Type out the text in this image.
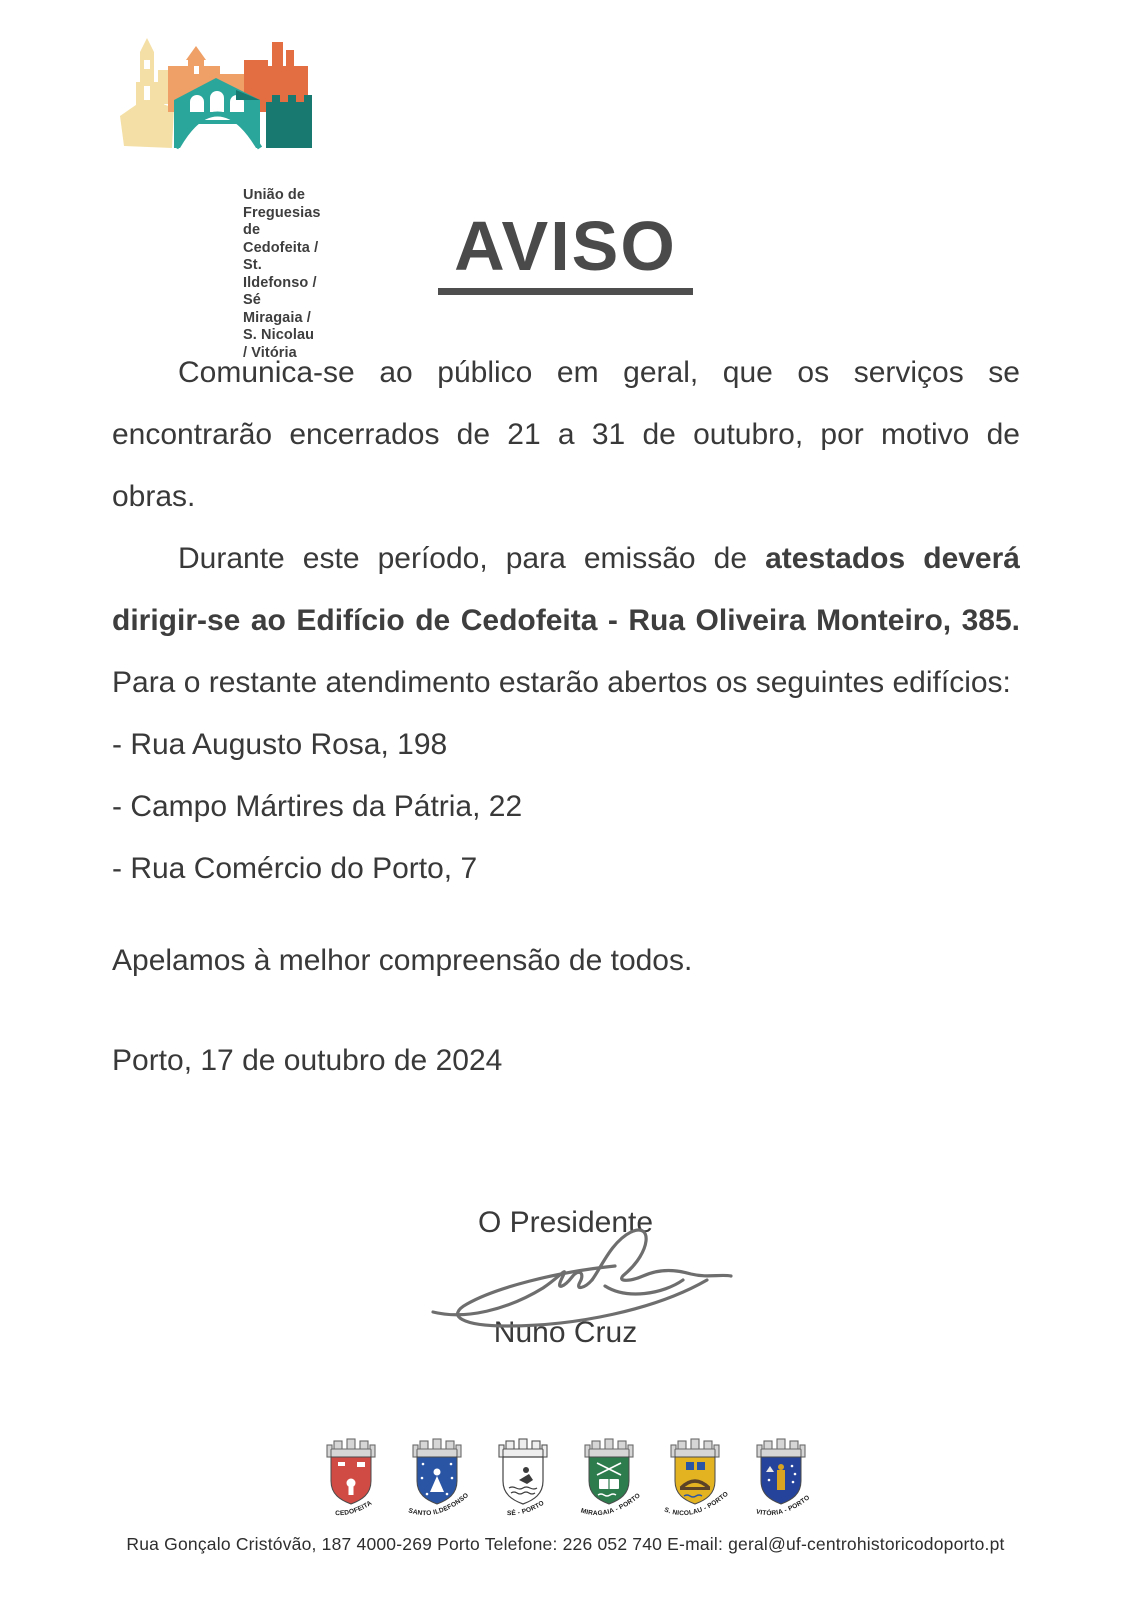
União de Freguesias de
Cedofeita / St. Ildefonso / Sé
Miragaia / S. Nicolau / Vitória
AVISO

Comunica-se ao público em geral, que os serviços se encontrarão encerrados de 21 a 31 de outubro, por motivo de obras.

Durante este período, para emissão de atestados deverá dirigir-se ao Edifício de Cedofeita - Rua Oliveira Monteiro, 385. Para o restante atendimento estarão abertos os seguintes edifícios:

- Rua Augusto Rosa, 198
- Campo Mártires da Pátria, 22
- Rua Comércio do Porto, 7
Apelamos à melhor compreensão de todos.
Porto, 17 de outubro de 2024
O Presidente
Nuno Cruz
CEDOFEITA
SANTO ILDEFONSO
SÉ - PORTO
MIRAGAIA - PORTO
S. NICOLAU - PORTO
VITÓRIA - PORTO
Rua Gonçalo Cristóvão, 187 4000-269 Porto Telefone: 226 052 740 E-mail: geral@uf-centrohistoricodoporto.pt
